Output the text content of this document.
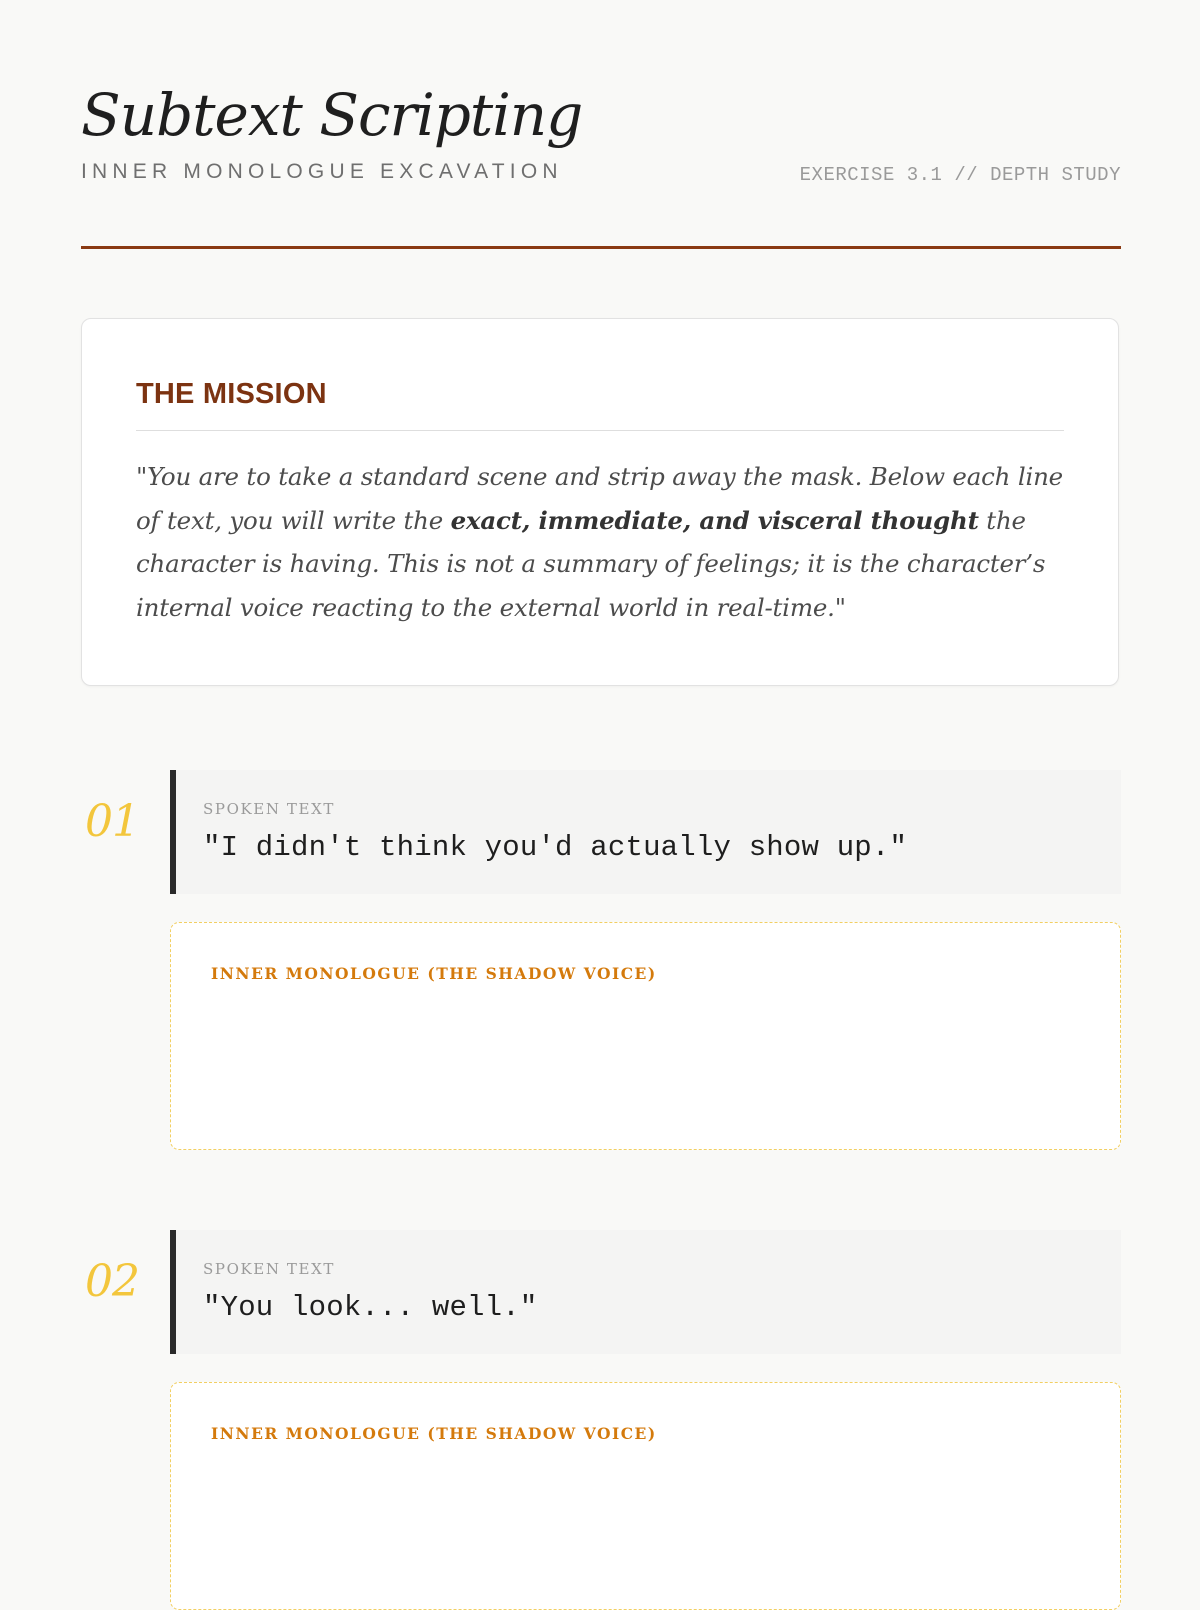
Subtext Scripting
INNER MONOLOGUE EXCAVATION	EXERCISE 3.1 // DEPTH STUDY
THE MISSION

"You are to take a standard scene and strip away the mask. Below each line of text, you will write the exact, immediate, and visceral thought the character is having. This is not a summary of feelings; it is the character’s internal voice reacting to the external world in real-time."

01	SPOKEN TEXT
"I didn't think you'd actually show up."
INNER MONOLOGUE (THE SHADOW VOICE)
02	SPOKEN TEXT
"You look... well."
INNER MONOLOGUE (THE SHADOW VOICE)
